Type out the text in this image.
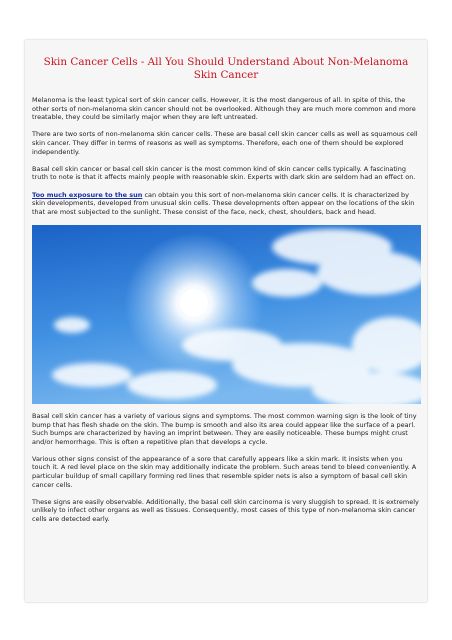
Skin Cancer Cells - All You Should Understand About Non-Melanoma Skin Cancer

Melanoma is the least typical sort of skin cancer cells. However, it is the most dangerous of all. In spite of this, the other sorts of non-melanoma skin cancer should not be overlooked. Although they are much more common and more treatable, they could be similarly major when they are left untreated.

There are two sorts of non-melanoma skin cancer cells. These are basal cell skin cancer cells as well as squamous cell skin cancer. They differ in terms of reasons as well as symptoms. Therefore, each one of them should be explored independently.

Basal cell skin cancer or basal cell skin cancer is the most common kind of skin cancer cells typically. A fascinating truth to note is that it affects mainly people with reasonable skin. Experts with dark skin are seldom had an effect on.

Too much exposure to the sun can obtain you this sort of non-melanoma skin cancer cells. It is characterized by skin developments, developed from unusual skin cells. These developments often appear on the locations of the skin that are most subjected to the sunlight. These consist of the face, neck, chest, shoulders, back and head.

Basal cell skin cancer has a variety of various signs and symptoms. The most common warning sign is the look of tiny bump that has flesh shade on the skin. The bump is smooth and also its area could appear like the surface of a pearl. Such bumps are characterized by having an imprint between. They are easily noticeable. These bumps might crust and/or hemorrhage. This is often a repetitive plan that develops a cycle.

Various other signs consist of the appearance of a sore that carefully appears like a skin mark. It insists when you touch it. A red level place on the skin may additionally indicate the problem. Such areas tend to bleed conveniently. A particular buildup of small capillary forming red lines that resemble spider nets is also a symptom of basal cell skin cancer cells.

These signs are easily observable. Additionally, the basal cell skin carcinoma is very sluggish to spread. It is extremely unlikely to infect other organs as well as tissues. Consequently, most cases of this type of non-melanoma skin cancer cells are detected early.
